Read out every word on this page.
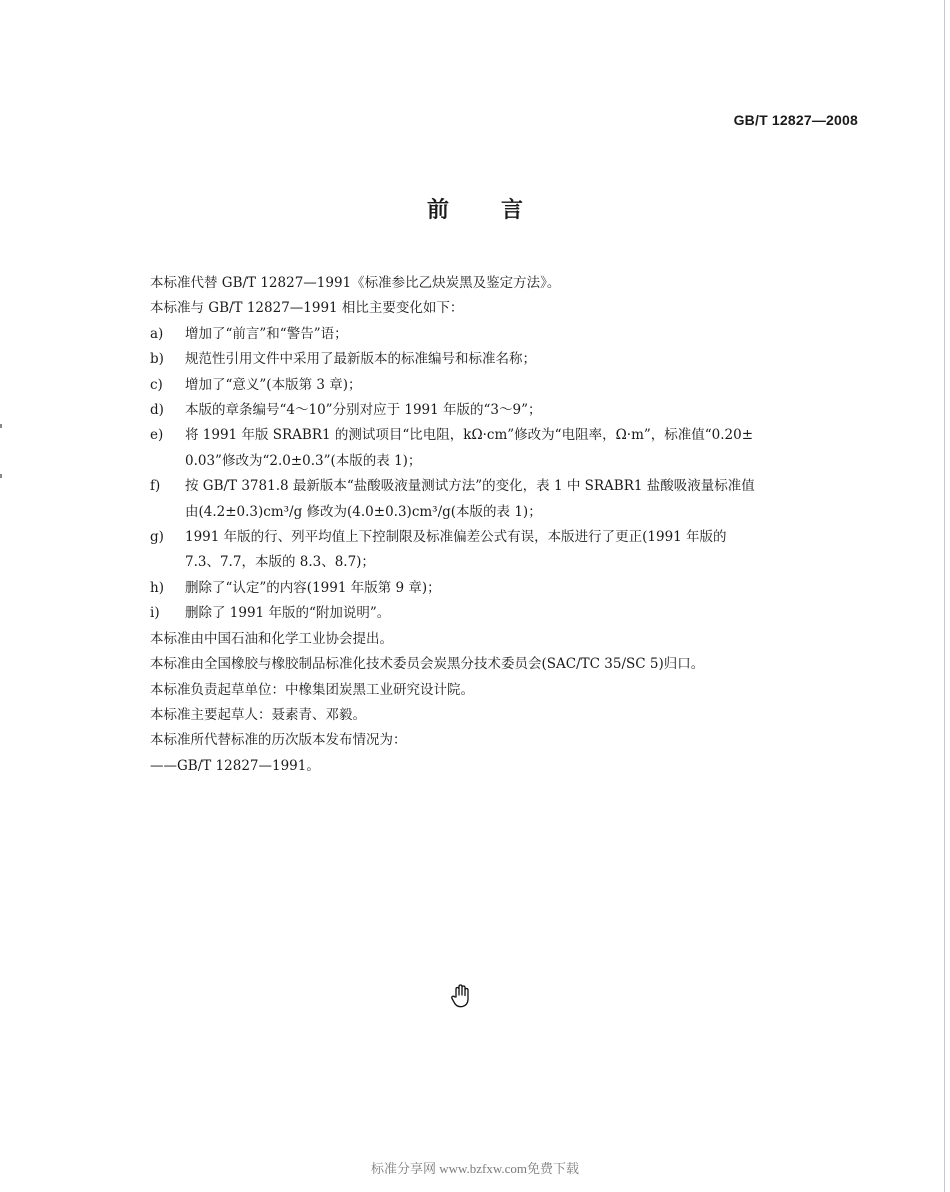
GB/T 12827—2008
前言
本标准代替 GB/T 12827—1991《标准参比乙炔炭黑及鉴定方法》。
本标准与 GB/T 12827—1991 相比主要变化如下：
a)	增加了“前言”和“警告”语；
b)	规范性引用文件中采用了最新版本的标准编号和标准名称；
c)	增加了“意义”(本版第 3 章)；
d)	本版的章条编号“4～10”分别对应于 1991 年版的“3～9”；
e)	将 1991 年版 SRABR1 的测试项目“比电阻，kΩ·cm”修改为“电阻率，Ω·m”，标准值“0.20±
0.03”修改为“2.0±0.3”(本版的表 1)；
f)	按 GB/T 3781.8 最新版本“盐酸吸液量测试方法”的变化，表 1 中 SRABR1 盐酸吸液量标准值
由(4.2±0.3)cm³/g 修改为(4.0±0.3)cm³/g(本版的表 1)；
g)	1991 年版的行、列平均值上下控制限及标准偏差公式有误，本版进行了更正(1991 年版的
7.3、7.7，本版的 8.3、8.7)；
h)	删除了“认定”的内容(1991 年版第 9 章)；
i)	删除了 1991 年版的“附加说明”。
本标准由中国石油和化学工业协会提出。
本标准由全国橡胶与橡胶制品标准化技术委员会炭黑分技术委员会(SAC/TC 35/SC 5)归口。
本标准负责起草单位：中橡集团炭黑工业研究设计院。
本标准主要起草人：聂素青、邓毅。
本标准所代替标准的历次版本发布情况为：
——GB/T 12827—1991。
标准分享网 www.bzfxw.com免费下载
